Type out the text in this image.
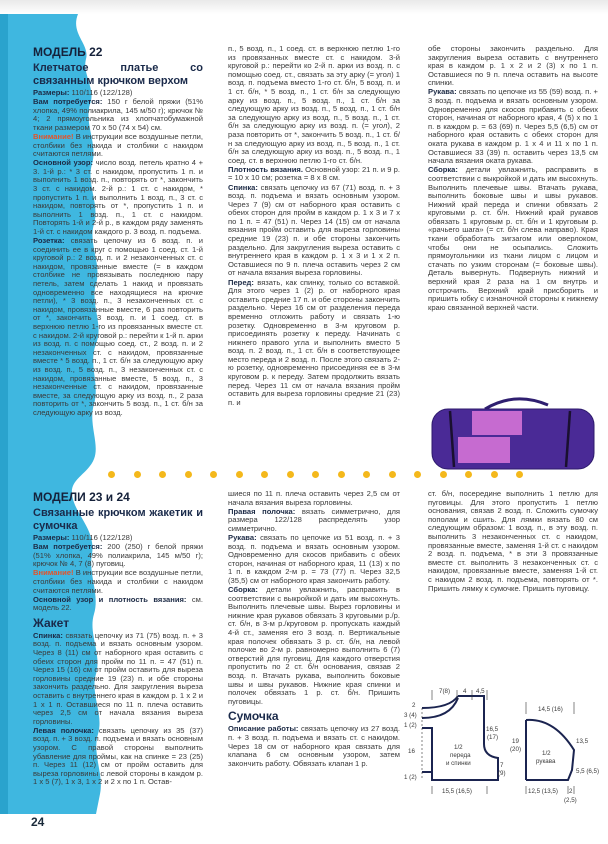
МОДЕЛЬ 22
Клетчатое платье со связанным крючком верхом

Размеры: 110/116 (122/128)

Вам потребуется: 150 г белой пряжи (51% хлопка, 49% полиакрила, 145 м/50 г); крючок № 4; 2 прямоугольника из хлопчатобумажной ткани размером 70 х 50 (74 х 54) см.

Внимание! В инструкции все воздушные петли, столбики без накида и столбики с накидом считаются петлями.

Основной узор: число возд. петель кратно 4 + 3. 1-й р.: * 3 ст. с накидом, пропустить 1 п. и выполнить 1 возд. п., повторять от *, закончить 3 ст. с накидом. 2-й р.: 1 ст. с накидом, * пропустить 1 п. и выполнить 1 возд. п., 3 ст. с накидом, повторять от *, пропустить 1 п. и выполнить 1 возд. п., 1 ст. с накидом. Повторять 1-й и 2-й р., в каждом ряду заменять 1-й ст. с накидом каждого р. 3 возд. п. подъема.

Розетка: связать цепочку из 6 возд. п. и соединить ее в круг с помощью 1 соед. ст. 1-й круговой р.: 2 возд. п. и 2 незаконченных ст. с накидом, провязанные вместе (= в каждом столбике не провязывать последнюю пару петель, затем сделать 1 накид и провязать одновременно все находящиеся на крючке петли), * 3 возд. п., 3 незаконченных ст. с накидом, провязанные вместе, 6 раз повторить от *, закончить 3 возд. п. и 1 соед. ст. в верхнюю петлю 1-го из провязанных вместе ст. с накидом. 2-й круговой р.: перейти к 1-й п. арки из возд. п. с помощью соед. ст., 2 возд. п. и 2 незаконченных ст. с накидом, провязанные вместе * 5 возд. п., 1 ст. б/н за следующую арку из возд. п., 5 возд. п., 3 незаконченных ст. с накидом, провязанные вместе, 5 возд. п., 3 незаконченные ст. с накидом, провязанные вместе, за следующую арку из возд. п., 2 раза повторить от *, закончить 5 возд. п., 1 ст. б/н за следующую арку из возд.

п., 5 возд. п., 1 соед. ст. в верхнюю петлю 1-го из провязанных вместе ст. с накидом. 3-й круговой р.: перейти ко 2-й п. арки из возд. п. с помощью соед. ст., связать за эту арку (= угол) 1 возд. п. подъема вместо 1-го ст. б/н, 5 возд. п. и 1 ст. б/н, * 5 возд. п., 1 ст. б/н за следующую арку из возд. п., 5 возд. п., 1 ст. б/н за следующую арку из возд. п., 5 возд. п., 1 ст. б/н за следующую арку из возд. п., 5 возд. п., 1 ст. б/н за следующую арку из возд. п. (= угол), 2 раза повторить от *, закончить 5 возд. п., 1 ст. б/н за следующую арку из возд. п., 5 возд. п., 1 ст. б/н за следующую арку из возд. п., 5 возд. п., 1 соед. ст. в верхнюю петлю 1-го ст. б/н.

Плотность вязания. Основной узор: 21 п. и 9 р. = 10 х 10 см; розетка = 8 х 8 см.

Спинка: связать цепочку из 67 (71) возд. п. + 3 возд. п. подъема и вязать основным узором. Через 7 (9) см от наборного края оставить с обеих сторон для пройм в каждом р. 1 х 3 и 7 х по 1 п. = 47 (51) п. Через 14 (15) см от начала вязания пройм оставить для выреза горловины средние 19 (23) п. и обе стороны закончить раздельно. Для закругления выреза оставить с внутреннего края в каждом р. 1 х 3 и 1 х 2 п. Оставшиеся по 9 п. плеча оставить через 2 см от начала вязания выреза горловины.

Перед: вязать, как спинку, только со вставкой. Для этого через 1 (2) р. от наборного края оставить средние 17 п. и обе стороны закончить раздельно. Через 16 см от разделения переда временно отложить работу и связать 1-ю розетку. Одновременно в 3-м круговом р. присоединять розетку к переду. Начинать с нижнего правого угла и выполнить вместо 5 возд. п. 2 возд. п., 1 ст. б/н в соответствующее место переда и 2 возд. п. После этого связать 2-ю розетку, одновременно присоединяя ее в 3-м круговом р. к переду. Затем продолжить вязать перед. Через 11 см от начала вязания пройм оставить для выреза горловины средние 21 (23) п. и

обе стороны закончить раздельно. Для закругления выреза оставить с внутреннего края в каждом р. 1 х 2 и 2 (3) х по 1 п. Оставшиеся по 9 п. плеча оставить на высоте спинки.

Рукава: связать по цепочке из 55 (59) возд. п. + 3 возд. п. подъема и вязать основным узором. Одновременно для скосов прибавить с обеих сторон, начиная от наборного края, 4 (5) х по 1 п. в каждом р. = 63 (69) п. Через 5,5 (6,5) см от наборного края оставить с обеих сторон для оката рукава в каждом р. 1 х 4 и 11 х по 1 п. Оставшиеся 33 (39) п. оставить через 13,5 см начала вязания оката рукава.

Сборка: детали увлажнить, расправить в соответствии с выкройкой и дать им высохнуть. Выполнить плечевые швы. Втачать рукава, выполнить боковые швы и швы рукавов. Нижний край переда и спинки обвязать 2 круговыми р. ст. б/н. Нижний край рукавов обвязать 1 круговым р. ст. б/н и 1 круговым р. «рачьего шага» (= ст. б/н слева направо). Края ткани обработать зигзагом или оверлоком, чтобы они не осыпались. Сложить прямоугольники из ткани лицом с лицом и стачать по узким сторонам (= боковые швы). Деталь вывернуть. Подвернуть нижний и верхний края 2 раза на 1 см внутрь и отстрочить. Верхний край присборить и пришить юбку с изнаночной стороны к нижнему краю связанной верхней части.

МОДЕЛИ 23 и 24
Связанные крючком жакетик и сумочка

Размеры: 110/116 (122/128)

Вам потребуется: 200 (250) г белой пряжи (51% хлопка, 49% полиакрила, 145 м/50 г); крючок № 4, 7 (8) пуговиц.

Внимание! В инструкции все воздушные петли, столбики без накида и столбики с накидом считаются петлями.

Основной узор и плотность вязания: см. модель 22.

Жакет

Спинка: связать цепочку из 71 (75) возд. п. + 3 возд. п. подъема и вязать основным узором. Через 8 (11) см от наборного края оставить с обеих сторон для пройм по 11 п. = 47 (51) п. Через 15 (16) см от пройм оставить для выреза горловины средние 19 (23) п. и обе стороны закончить раздельно. Для закругления выреза оставить с внутреннего края в каждом р. 1 х 2 и 1 х 1 п. Оставшиеся по 11 п. плеча оставить через 2,5 см от начала вязания выреза горловины.

Левая полочка: связать цепочку из 35 (37) возд. п. + 3 возд. п. подъема и вязать основным узором. С правой стороны выполнить убавление для проймы, как на спинке = 23 (25) п. Через 11 (12) см от пройм оставить для выреза горловины с левой стороны в каждом р. 1 х 5 (7), 1 х 3, 1 х 2 и 2 х по 1 п. Остав-

шиеся по 11 п. плеча оставить через 2,5 см от начала вязания выреза горловины.

Правая полочка: вязать симметрично, для размера 122/128 распределять узор симметрично.

Рукава: связать по цепочке из 51 возд. п. + 3 возд. п. подъема и вязать основным узором. Одновременно для скосов прибавить с обеих сторон, начиная от наборного края, 11 (13) х по 1 п. в каждом 2-м р. = 73 (77) п. Через 32,5 (35,5) см от наборного края закончить работу.

Сборка: детали увлажнить, расправить в соответствии с выкройкой и дать им высохнуть. Выполнить плечевые швы. Вырез горловины и нижние края рукавов обвязать 3 круговыми р./р. ст. б/н, в 3-м р./круговом р. пропускать каждый 4-й ст., заменяя его 3 возд. п. Вертикальные края полочек обвязать 3 р. ст. б/н, на левой полочке во 2-м р. равномерно выполнить 6 (7) отверстий для пуговиц. Для каждого отверстия пропустить по 2 ст. б/н основания, связав 2 возд. п. Втачать рукава, выполнить боковые швы и швы рукавов. Нижние края спинки и полочек обвязать 1 р. ст. б/н. Пришить пуговицы.

Сумочка

Описание работы: связать цепочку из 27 возд. п. + 3 возд. п. подъема и вязать ст. с накидом. Через 18 см от наборного края связать для клапана 6 см основным узором, затем закончить работу. Обвязать клапан 1 р.

ст. б/н, посередине выполнить 1 петлю для пуговицы. Для этого пропустить 1 петлю основания, связав 2 возд. п. Сложить сумочку пополам и сшить. Для лямки вязать 80 см следующим образом: 1 возд. п., в эту возд. п. выполнить 3 незаконченных ст. с накидом, провязанные вместе, заменяя 1-й ст. с накидом 2 возд. п. подъема, * в эти 3 провязанные вместе ст. выполнить 3 незаконченных ст. с накидом, провязанные вместе, заменяя 1-й ст. с накидом 2 возд. п. подъема, повторять от *. Пришить лямку к сумочке. Пришить пуговицу.

7(8) 4 4,5
2
3 (4)
1 (2)
16
1 (2)
16,5
(17)
7
(9)
15,5 (16,5)
1/2
переда
и спинки
14,5 (16)
19
(20)
13,5
5,5 (6,5)
1/2
рукава
12,5 (13,5) 2
(2,5)
24
